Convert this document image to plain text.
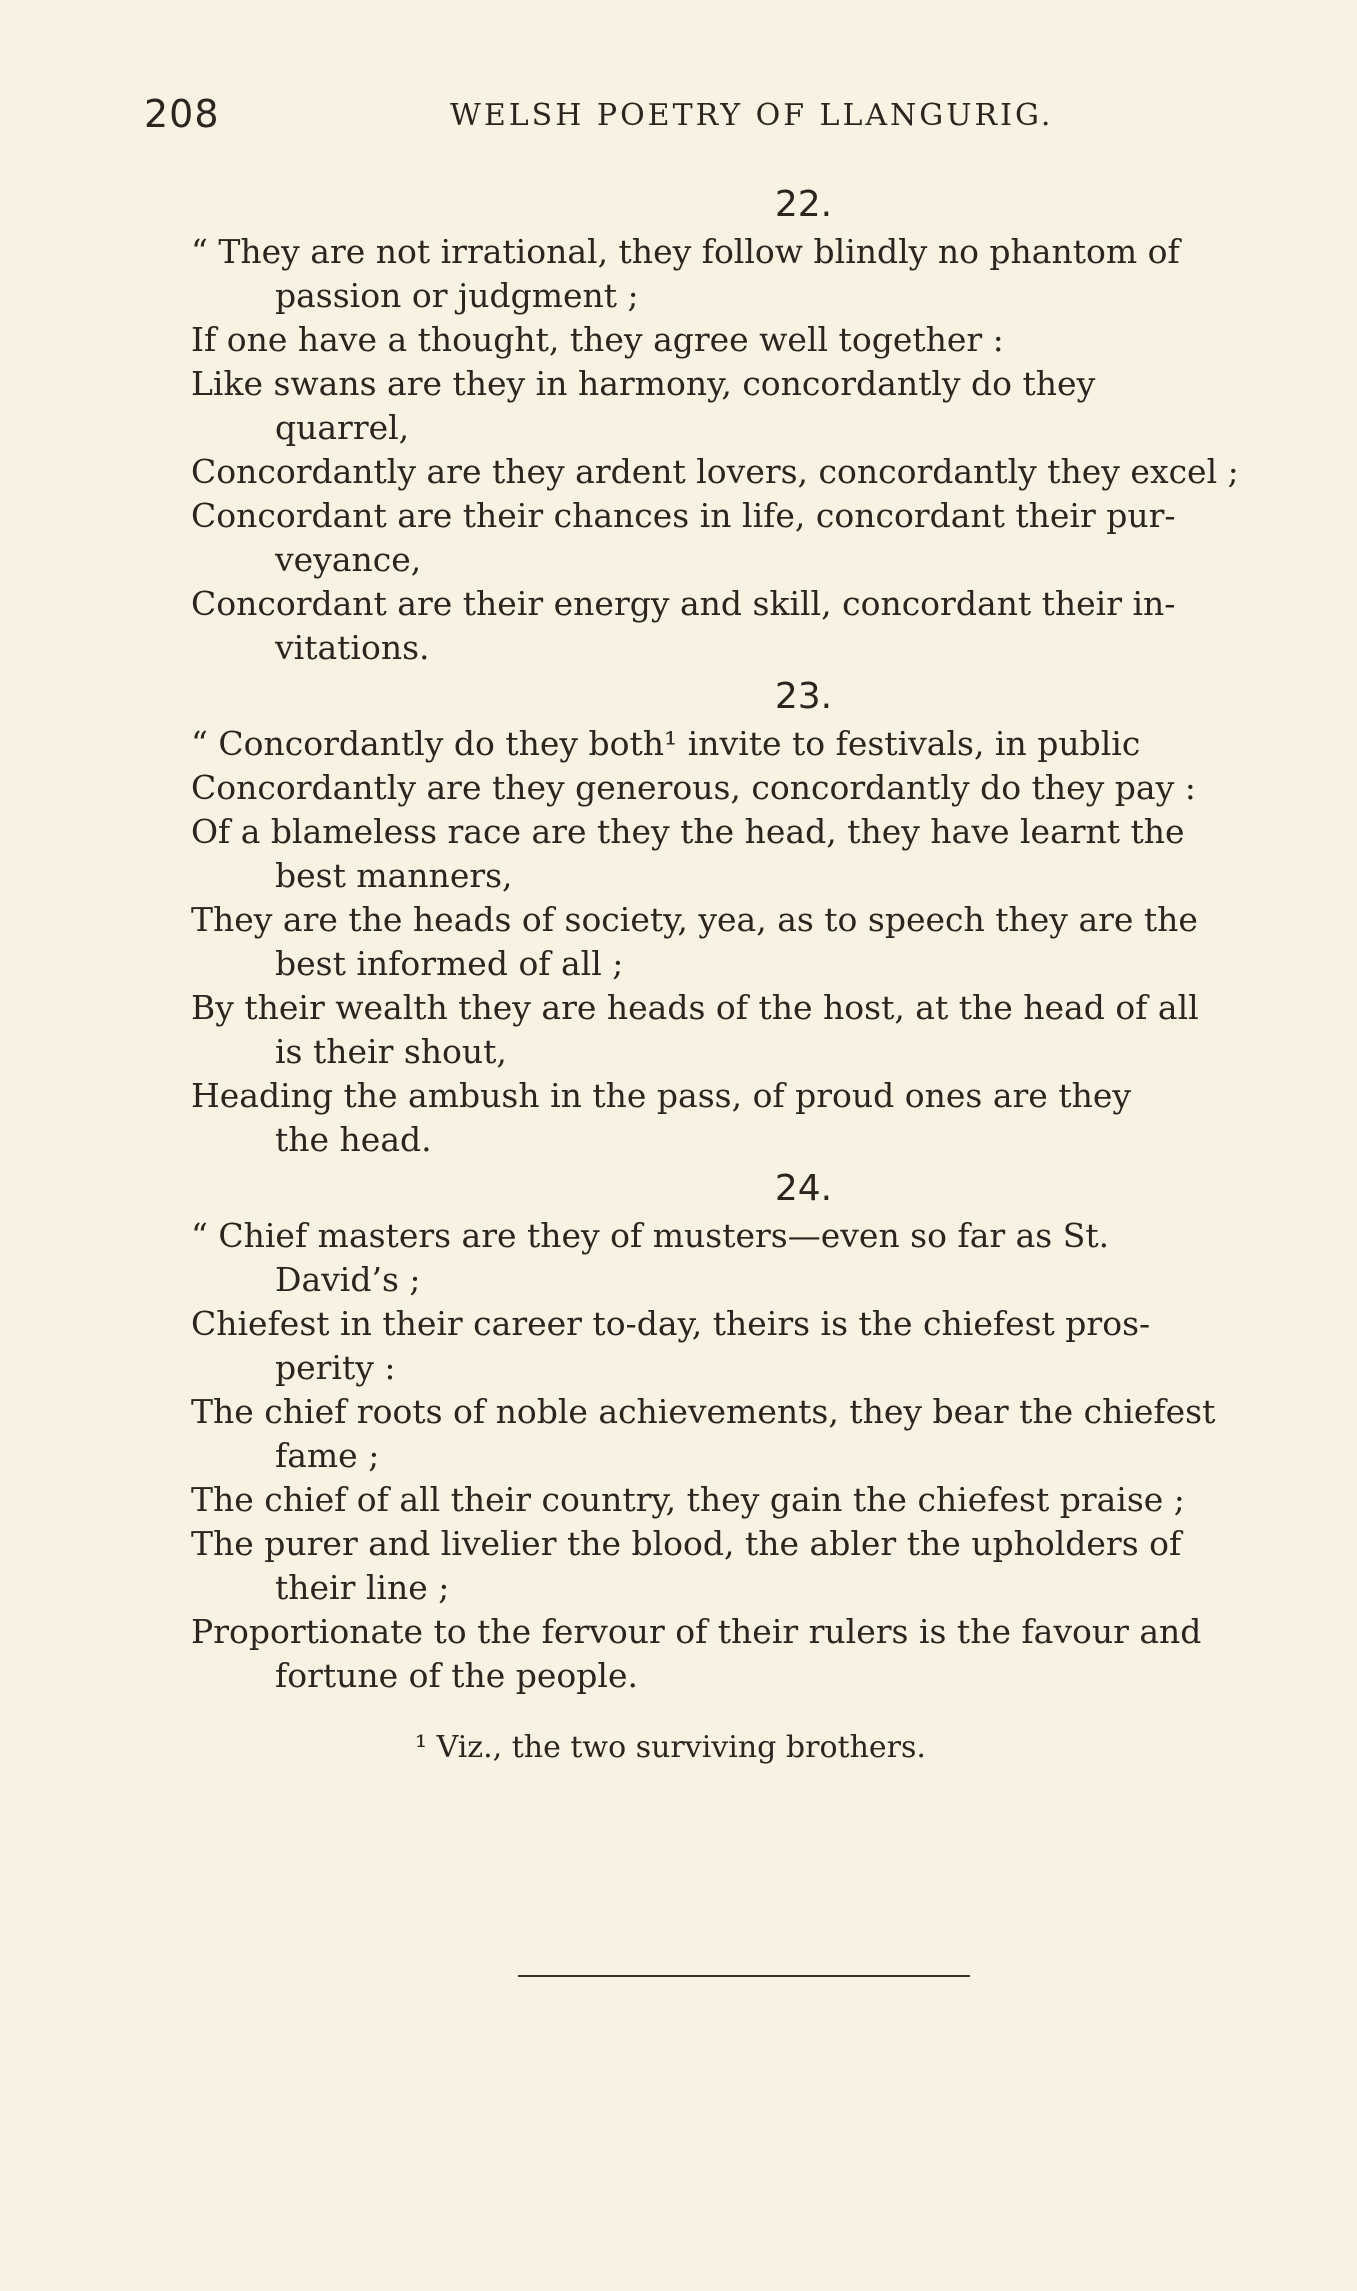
208	WELSH POETRY OF LLANGURIG.
22.
“ They are not irrational, they follow blindly no phantom of
passion or judgment ;
If one have a thought, they agree well together :
Like swans are they in harmony, concordantly do they
quarrel,
Concordantly are they ardent lovers, concordantly they excel ;
Concordant are their chances in life, concordant their pur-
veyance,
Concordant are their energy and skill, concordant their in-
vitations.
23.
“ Concordantly do they both¹ invite to festivals, in public
Concordantly are they generous, concordantly do they pay :
Of a blameless race are they the head, they have learnt the
best manners,
They are the heads of society, yea, as to speech they are the
best informed of all ;
By their wealth they are heads of the host, at the head of all
is their shout,
Heading the ambush in the pass, of proud ones are they
the head.
24.
“ Chief masters are they of musters—even so far as St.
David’s ;
Chiefest in their career to-day, theirs is the chiefest pros-
perity :
The chief roots of noble achievements, they bear the chiefest
fame ;
The chief of all their country, they gain the chiefest praise ;
The purer and livelier the blood, the abler the upholders of
their line ;
Proportionate to the fervour of their rulers is the favour and
fortune of the people.
¹ Viz., the two surviving brothers.
